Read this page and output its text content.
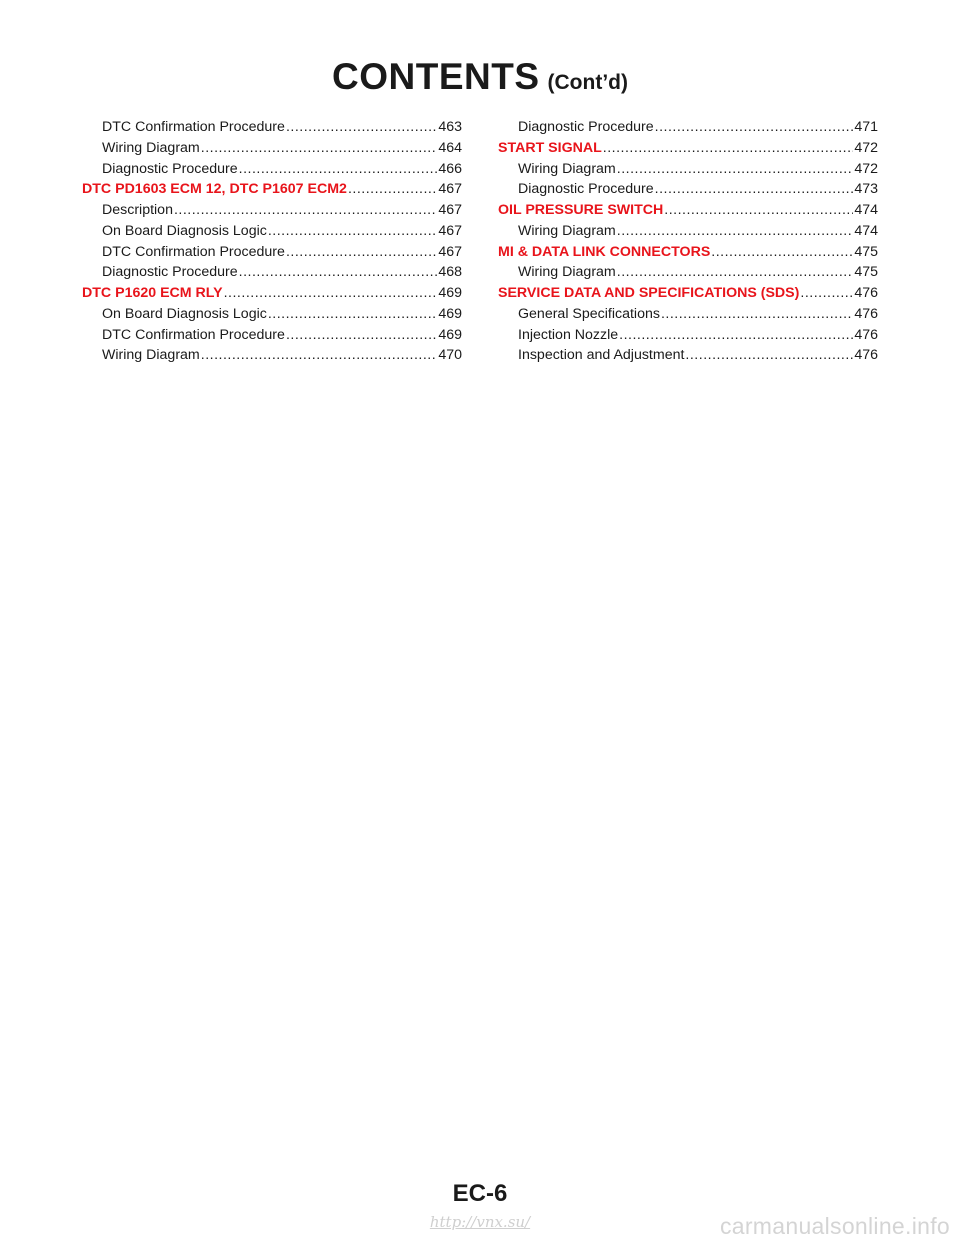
CONTENTS (Cont’d)
DTC Confirmation Procedure .....	463
Wiring Diagram .....	464
Diagnostic Procedure .....	466
DTC PD1603 ECM 12, DTC P1607 ECM2 .....	467
Description .....	467
On Board Diagnosis Logic .....	467
DTC Confirmation Procedure .....	467
Diagnostic Procedure .....	468
DTC P1620 ECM RLY .....	469
On Board Diagnosis Logic .....	469
DTC Confirmation Procedure .....	469
Wiring Diagram .....	470
Diagnostic Procedure .....	471
START SIGNAL .....	472
Wiring Diagram .....	472
Diagnostic Procedure .....	473
OIL PRESSURE SWITCH .....	474
Wiring Diagram .....	474
MI & DATA LINK CONNECTORS .....	475
Wiring Diagram .....	475
SERVICE DATA AND SPECIFICATIONS (SDS) .....	476
General Specifications .....	476
Injection Nozzle .....	476
Inspection and Adjustment .....	476
EC-6
http://vnx.su/	carmanualsonline.info
